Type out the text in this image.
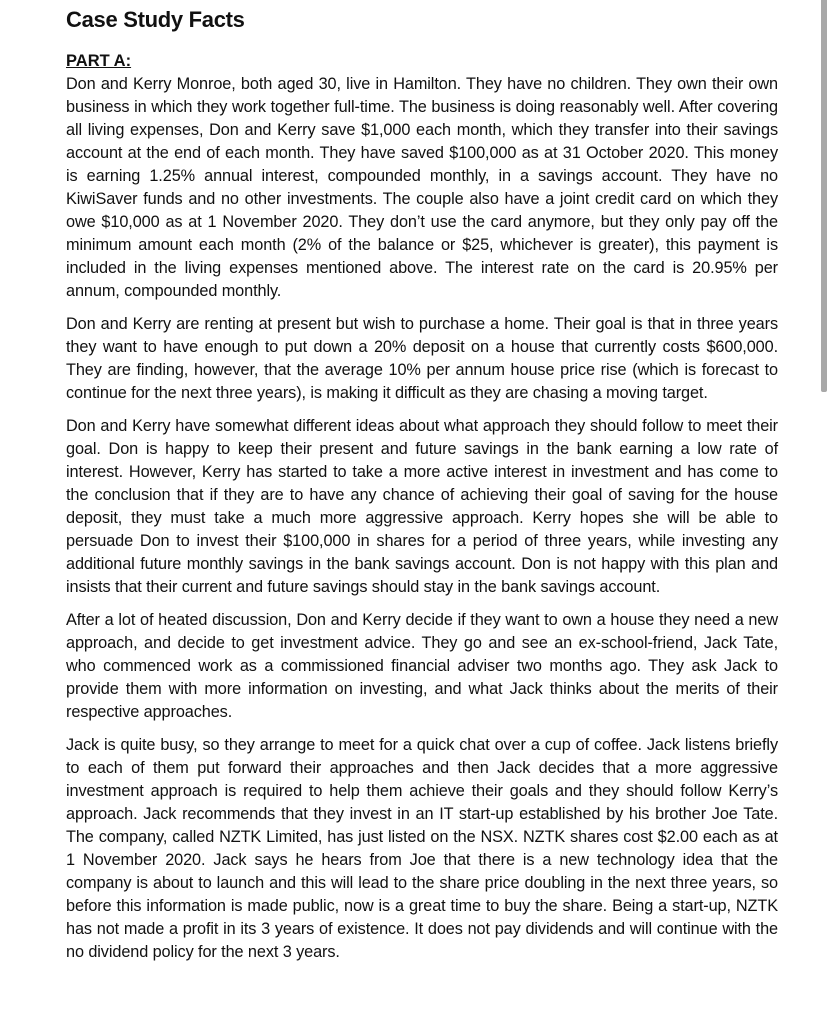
Case Study Facts
PART A:

Don and Kerry Monroe, both aged 30, live in Hamilton. They have no children. They own their own business in which they work together full-time. The business is doing reasonably well. After covering all living expenses, Don and Kerry save $1,000 each month, which they transfer into their savings account at the end of each month. They have saved $100,000 as at 31 October 2020. This money is earning 1.25% annual interest, compounded monthly, in a savings account. They have no KiwiSaver funds and no other investments. The couple also have a joint credit card on which they owe $10,000 as at 1 November 2020. They don’t use the card anymore, but they only pay off the minimum amount each month (2% of the balance or $25, whichever is greater), this payment is included in the living expenses mentioned above. The interest rate on the card is 20.95% per annum, compounded monthly.

Don and Kerry are renting at present but wish to purchase a home. Their goal is that in three years they want to have enough to put down a 20% deposit on a house that currently costs $600,000. They are finding, however, that the average 10% per annum house price rise (which is forecast to continue for the next three years), is making it difficult as they are chasing a moving target.

Don and Kerry have somewhat different ideas about what approach they should follow to meet their goal. Don is happy to keep their present and future savings in the bank earning a low rate of interest. However, Kerry has started to take a more active interest in investment and has come to the conclusion that if they are to have any chance of achieving their goal of saving for the house deposit, they must take a much more aggressive approach. Kerry hopes she will be able to persuade Don to invest their $100,000 in shares for a period of three years, while investing any additional future monthly savings in the bank savings account. Don is not happy with this plan and insists that their current and future savings should stay in the bank savings account.

After a lot of heated discussion, Don and Kerry decide if they want to own a house they need a new approach, and decide to get investment advice. They go and see an ex-school-friend, Jack Tate, who commenced work as a commissioned financial adviser two months ago. They ask Jack to provide them with more information on investing, and what Jack thinks about the merits of their respective approaches.

Jack is quite busy, so they arrange to meet for a quick chat over a cup of coffee. Jack listens briefly to each of them put forward their approaches and then Jack decides that a more aggressive investment approach is required to help them achieve their goals and they should follow Kerry’s approach. Jack recommends that they invest in an IT start-up established by his brother Joe Tate. The company, called NZTK Limited, has just listed on the NSX. NZTK shares cost $2.00 each as at 1 November 2020. Jack says he hears from Joe that there is a new technology idea that the company is about to launch and this will lead to the share price doubling in the next three years, so before this information is made public, now is a great time to buy the share. Being a start-up, NZTK has not made a profit in its 3 years of existence. It does not pay dividends and will continue with the no dividend policy for the next 3 years.
